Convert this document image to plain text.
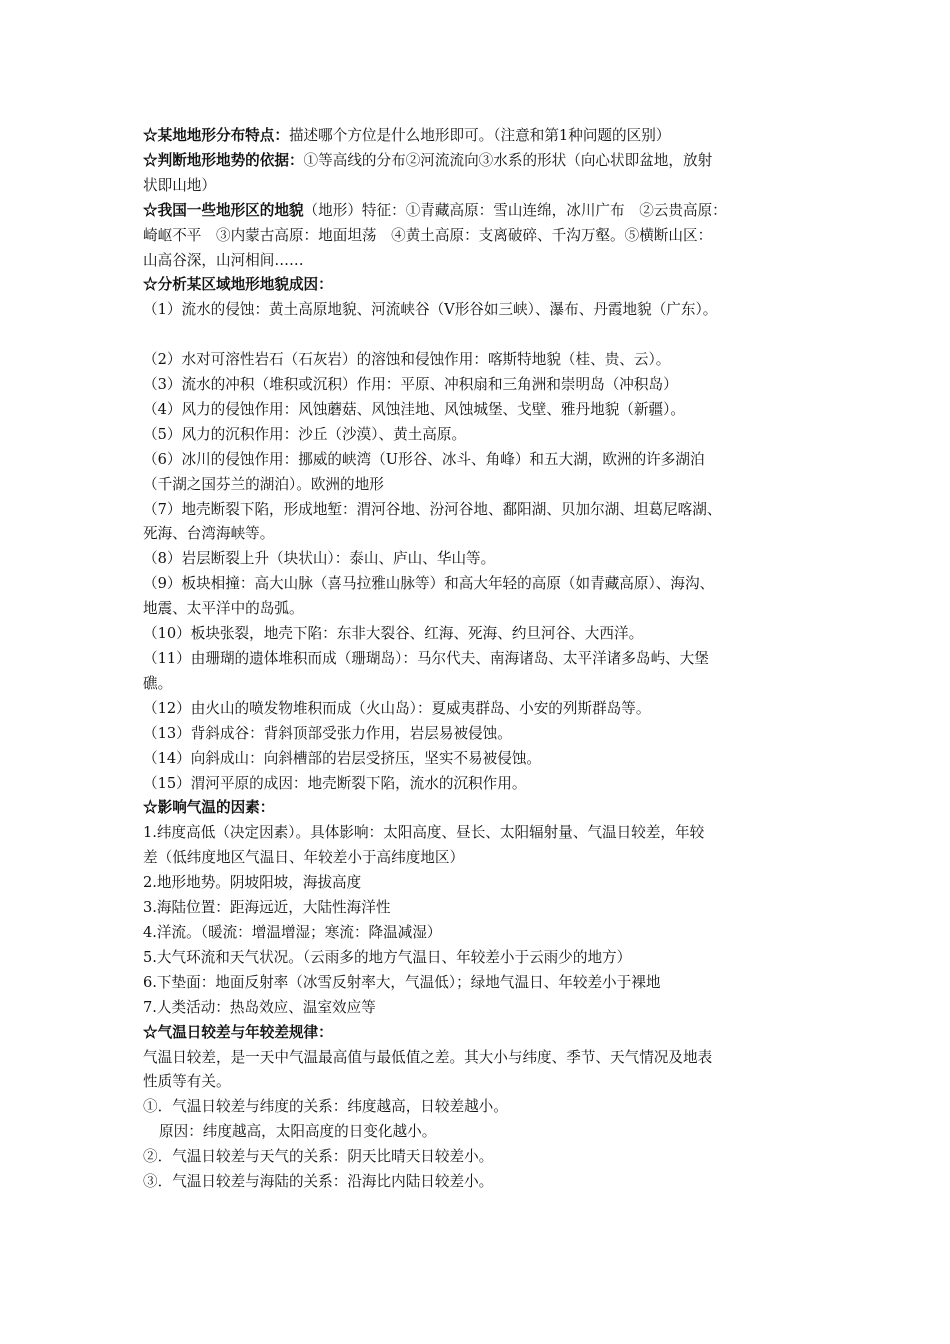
☆某地地形分布特点：描述哪个方位是什么地形即可。（注意和第1种问题的区别）
☆判断地形地势的依据：①等高线的分布②河流流向③水系的形状（向心状即盆地，放射
状即山地）
☆我国一些地形区的地貌（地形）特征：①青藏高原：雪山连绵，冰川广布　②云贵高原：
崎岖不平　③内蒙古高原：地面坦荡　④黄土高原：支离破碎、千沟万壑。⑤横断山区：
山高谷深，山河相间……
☆分析某区域地形地貌成因：
（1）流水的侵蚀：黄土高原地貌、河流峡谷（V形谷如三峡）、瀑布、丹霞地貌（广东）。
（2）水对可溶性岩石（石灰岩）的溶蚀和侵蚀作用：喀斯特地貌（桂、贵、云）。
（3）流水的冲积（堆积或沉积）作用：平原、冲积扇和三角洲和崇明岛（冲积岛）
（4）风力的侵蚀作用：风蚀蘑菇、风蚀洼地、风蚀城堡、戈壁、雅丹地貌（新疆）。
（5）风力的沉积作用：沙丘（沙漠）、黄土高原。
（6）冰川的侵蚀作用：挪威的峡湾（U形谷、冰斗、角峰）和五大湖，欧洲的许多湖泊
（千湖之国芬兰的湖泊）。欧洲的地形
（7）地壳断裂下陷，形成地堑：渭河谷地、汾河谷地、鄱阳湖、贝加尔湖、坦葛尼喀湖、
死海、台湾海峡等。
（8）岩层断裂上升（块状山）：泰山、庐山、华山等。
（9）板块相撞：高大山脉（喜马拉雅山脉等）和高大年轻的高原（如青藏高原）、海沟、
地震、太平洋中的岛弧。
（10）板块张裂，地壳下陷：东非大裂谷、红海、死海、约旦河谷、大西洋。
（11）由珊瑚的遗体堆积而成（珊瑚岛）：马尔代夫、南海诸岛、太平洋诸多岛屿、大堡
礁。
（12）由火山的喷发物堆积而成（火山岛）：夏威夷群岛、小安的列斯群岛等。
（13）背斜成谷：背斜顶部受张力作用，岩层易被侵蚀。
（14）向斜成山：向斜槽部的岩层受挤压，坚实不易被侵蚀。
（15）渭河平原的成因：地壳断裂下陷，流水的沉积作用。
☆影响气温的因素：
1.纬度高低（决定因素）。具体影响：太阳高度、昼长、太阳辐射量、气温日较差，年较
差（低纬度地区气温日、年较差小于高纬度地区）
2.地形地势。阴坡阳坡，海拔高度
3.海陆位置：距海远近，大陆性海洋性
4.洋流。（暖流：增温增湿；寒流：降温减湿）
5.大气环流和天气状况。（云雨多的地方气温日、年较差小于云雨少的地方）
6.下垫面：地面反射率（冰雪反射率大，气温低）；绿地气温日、年较差小于裸地
7.人类活动：热岛效应、温室效应等
☆气温日较差与年较差规律：
气温日较差，是一天中气温最高值与最低值之差。其大小与纬度、季节、天气情况及地表
性质等有关。
①．气温日较差与纬度的关系：纬度越高，日较差越小。
原因：纬度越高，太阳高度的日变化越小。
②．气温日较差与天气的关系：阴天比晴天日较差小。
③．气温日较差与海陆的关系：沿海比内陆日较差小。
